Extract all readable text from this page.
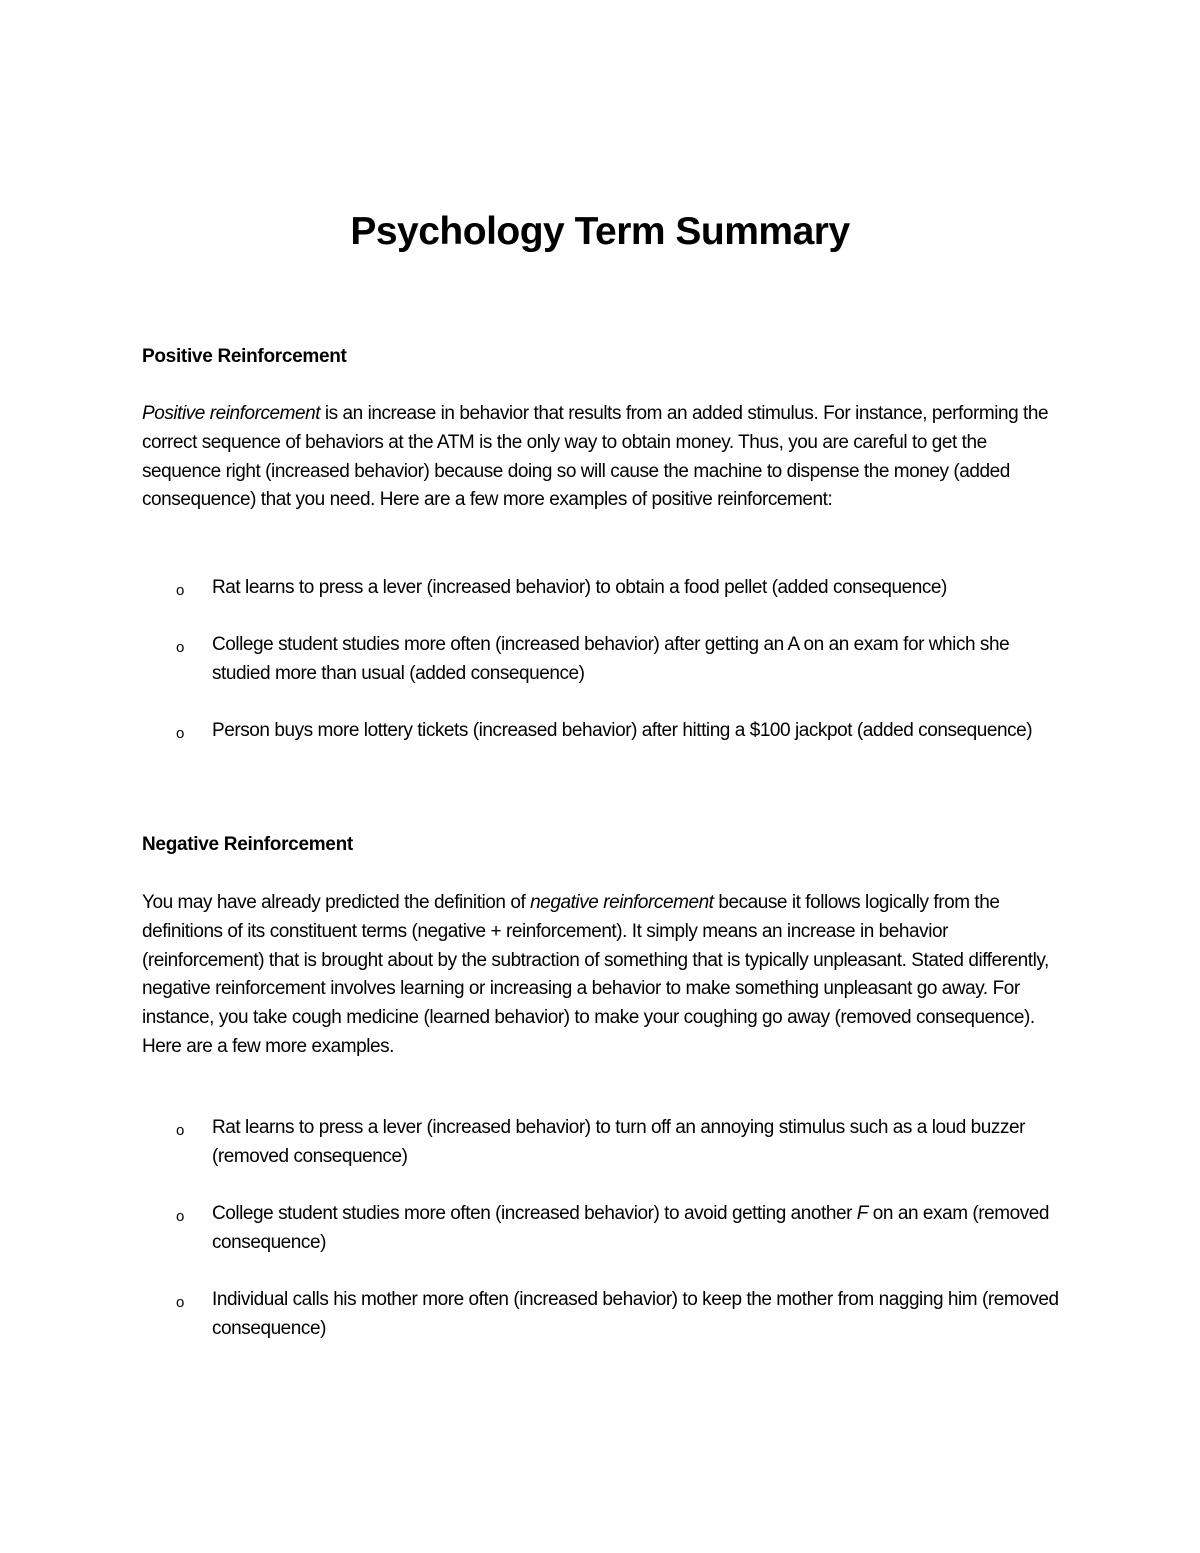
Psychology Term Summary
Positive Reinforcement

Positive reinforcement is an increase in behavior that results from an added stimulus. For instance, performing the correct sequence of behaviors at the ATM is the only way to obtain money. Thus, you are careful to get the sequence right (increased behavior) because doing so will cause the machine to dispense the money (added consequence) that you need. Here are a few more examples of positive reinforcement:

o Rat learns to press a lever (increased behavior) to obtain a food pellet (added consequence)
o College student studies more often (increased behavior) after getting an A on an exam for which she studied more than usual (added consequence)
o Person buys more lottery tickets (increased behavior) after hitting a $100 jackpot (added consequence)
Negative Reinforcement

You may have already predicted the definition of negative reinforcement because it follows logically from the definitions of its constituent terms (negative + reinforcement). It simply means an increase in behavior (reinforcement) that is brought about by the subtraction of something that is typically unpleasant. Stated differently, negative reinforcement involves learning or increasing a behavior to make something unpleasant go away. For instance, you take cough medicine (learned behavior) to make your coughing go away (removed consequence). Here are a few more examples.

o Rat learns to press a lever (increased behavior) to turn off an annoying stimulus such as a loud buzzer (removed consequence)
o College student studies more often (increased behavior) to avoid getting another F on an exam (removed consequence)
o Individual calls his mother more often (increased behavior) to keep the mother from nagging him (removed consequence)
